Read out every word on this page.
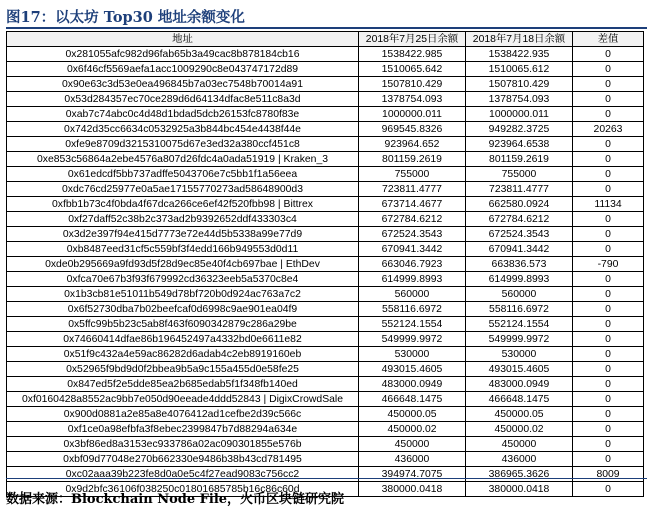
图17：以太坊 Top30 地址余额变化
地址	2018年7月25日余额	2018年7月18日余额	差值
0x281055afc982d96fab65b3a49cac8b878184cb16	1538422.985	1538422.935	0
0x6f46cf5569aefa1acc1009290c8e043747172d89	1510065.642	1510065.612	0
0x90e63c3d53e0ea496845b7a03ec7548b70014a91	1507810.429	1507810.429	0
0x53d284357ec70ce289d6d64134dfac8e511c8a3d	1378754.093	1378754.093	0
0xab7c74abc0c4d48d1bdad5dcb26153fc8780f83e	1000000.011	1000000.011	0
0x742d35cc6634c0532925a3b844bc454e4438f44e	969545.8326	949282.3725	20263
0xfe9e8709d3215310075d67e3ed32a380ccf451c8	923964.652	923964.6538	0
0xe853c56864a2ebe4576a807d26fdc4a0ada51919 | Kraken_3	801159.2619	801159.2619	0
0x61edcdf5bb737adffe5043706e7c5bb1f1a56eea	755000	755000	0
0xdc76cd25977e0a5ae17155770273ad58648900d3	723811.4777	723811.4777	0
0xfbb1b73c4f0bda4f67dca266ce6ef42f520fbb98 | Bittrex	673714.4677	662580.0924	11134
0xf27daff52c38b2c373ad2b9392652ddf433303c4	672784.6212	672784.6212	0
0x3d2e397f94e415d7773e72e44d5b5338a99e77d9	672524.3543	672524.3543	0
0xb8487eed31cf5c559bf3f4edd166b949553d0d11	670941.3442	670941.3442	0
0xde0b295669a9fd93d5f28d9ec85e40f4cb697bae | EthDev	663046.7923	663836.573	-790
0xfca70e67b3f93f679992cd36323eeb5a5370c8e4	614999.8993	614999.8993	0
0x1b3cb81e51011b549d78bf720b0d924ac763a7c2	560000	560000	0
0x6f52730dba7b02beefcaf0d6998c9ae901ea04f9	558116.6972	558116.6972	0
0x5ffc99b5b23c5ab8f463f6090342879c286a29be	552124.1554	552124.1554	0
0x74660414dfae86b196452497a4332bd0e6611e82	549999.9972	549999.9972	0
0x51f9c432a4e59ac86282d6adab4c2eb8919160eb	530000	530000	0
0x52965f9bd9d0f2bbea9b5a9c155a455d0e58fe25	493015.4605	493015.4605	0
0x847ed5f2e5dde85ea2b685edab5f1f348fb140ed	483000.0949	483000.0949	0
0xf0160428a8552ac9bb7e050d90eeade4ddd52843 | DigixCrowdSale	466648.1475	466648.1475	0
0x900d0881a2e85a8e4076412ad1cefbe2d39c566c	450000.05	450000.05	0
0xf1ce0a98efbfa3f8ebec2399847b7d88294a634e	450000.02	450000.02	0
0x3bf86ed8a3153ec933786a02ac090301855e576b	450000	450000	0
0xbf09d77048e270b662330e9486b38b43cd781495	436000	436000	0
0xc02aaa39b223fe8d0a0e5c4f27ead9083c756cc2	394974.7075	386965.3626	8009
0x9d2bfc36106f038250c01801685785b16c86c60d	380000.0418	380000.0418	0
数据来源：Blockchain Node File，火币区块链研究院
